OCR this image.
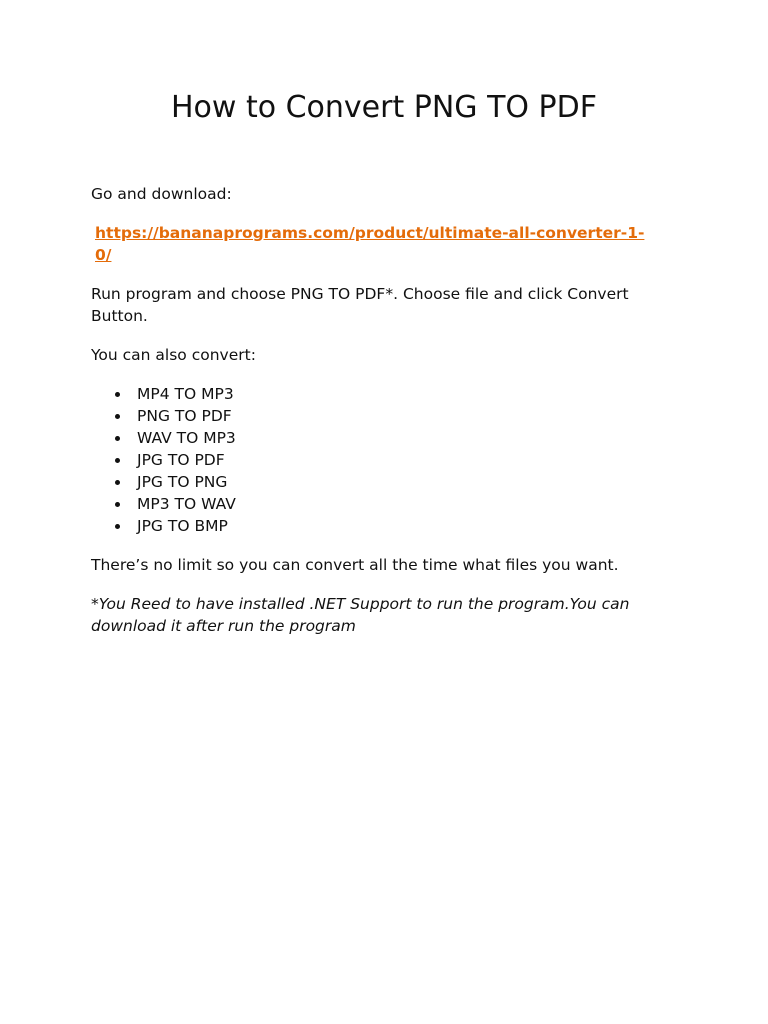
How to Convert PNG TO PDF

Go and download:

https://bananaprograms.com/product/ultimate-all-converter-1-0/

Run program and choose PNG TO PDF*. Choose file and click Convert Button.

You can also convert:

MP4 TO MP3
PNG TO PDF
WAV TO MP3
JPG TO PDF
JPG TO PNG
MP3 TO WAV
JPG TO BMP

There’s no limit so you can convert all the time what files you want.

*You Reed to have installed .NET Support to run the program.You can download it after run the program
